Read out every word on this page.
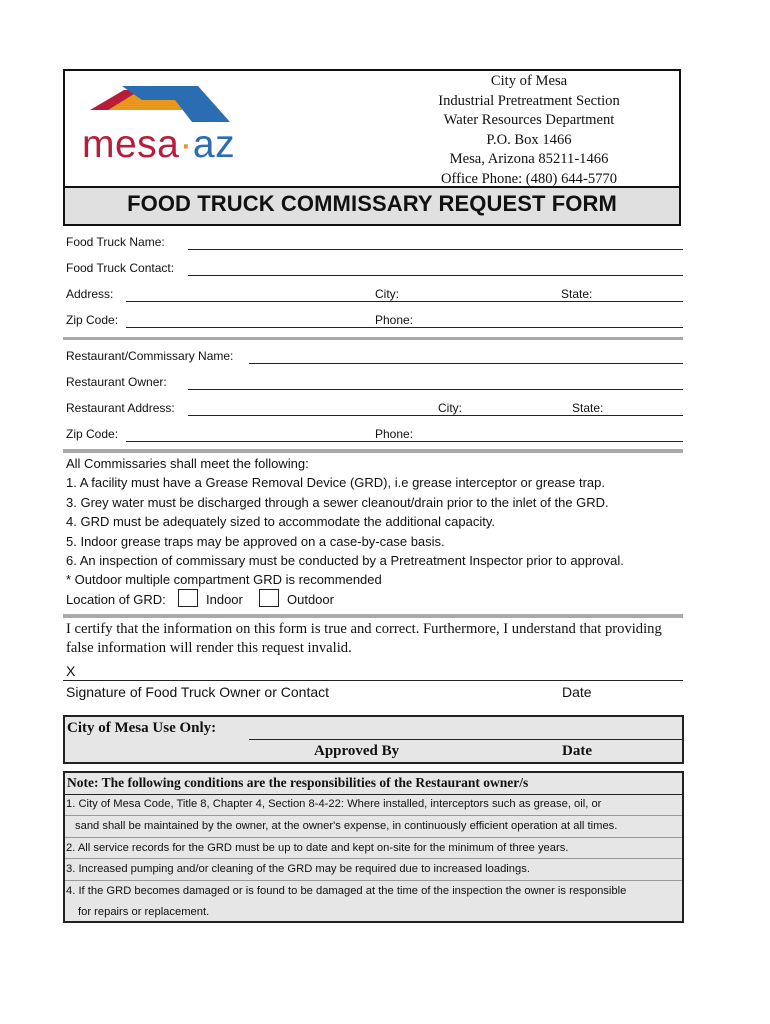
mesa·az
City of Mesa
Industrial Pretreatment Section
Water Resources Department
P.O. Box 1466
Mesa, Arizona 85211-1466
Office Phone: (480) 644-5770
FOOD TRUCK COMMISSARY REQUEST FORM
Food Truck Name:
Food Truck Contact:
Address:	City:	State:
Zip Code:	Phone:
Restaurant/Commissary Name:
Restaurant Owner:
Restaurant Address:	City:	State:
Zip Code:	Phone:
All Commissaries shall meet the following:
1. A facility must have a Grease Removal Device (GRD), i.e grease interceptor or grease trap.
3. Grey water must be discharged through a sewer cleanout/drain prior to the inlet of the GRD.
4. GRD must be adequately sized to accommodate the additional capacity.
5. Indoor grease traps may be approved on a case-by-case basis.
6. An inspection of commissary must be conducted by a Pretreatment Inspector prior to approval.
* Outdoor multiple compartment GRD is recommended
Location of GRD:	Indoor	Outdoor
I certify that the information on this form is true and correct. Furthermore, I understand that providing
false information will render this request invalid.
X
Signature of Food Truck Owner or Contact	Date
City of Mesa Use Only:
Approved By	Date
Note: The following conditions are the responsibilities of the Restaurant owner/s
1. City of Mesa Code, Title 8, Chapter 4, Section 8-4-22: Where installed, interceptors such as grease, oil, or
sand shall be maintained by the owner, at the owner's expense, in continuously efficient operation at all times.
2. All service records for the GRD must be up to date and kept on-site for the minimum of three years.
3. Increased pumping and/or cleaning of the GRD may be required due to increased loadings.
4. If the GRD becomes damaged or is found to be damaged at the time of the inspection the owner is responsible
for repairs or replacement.
